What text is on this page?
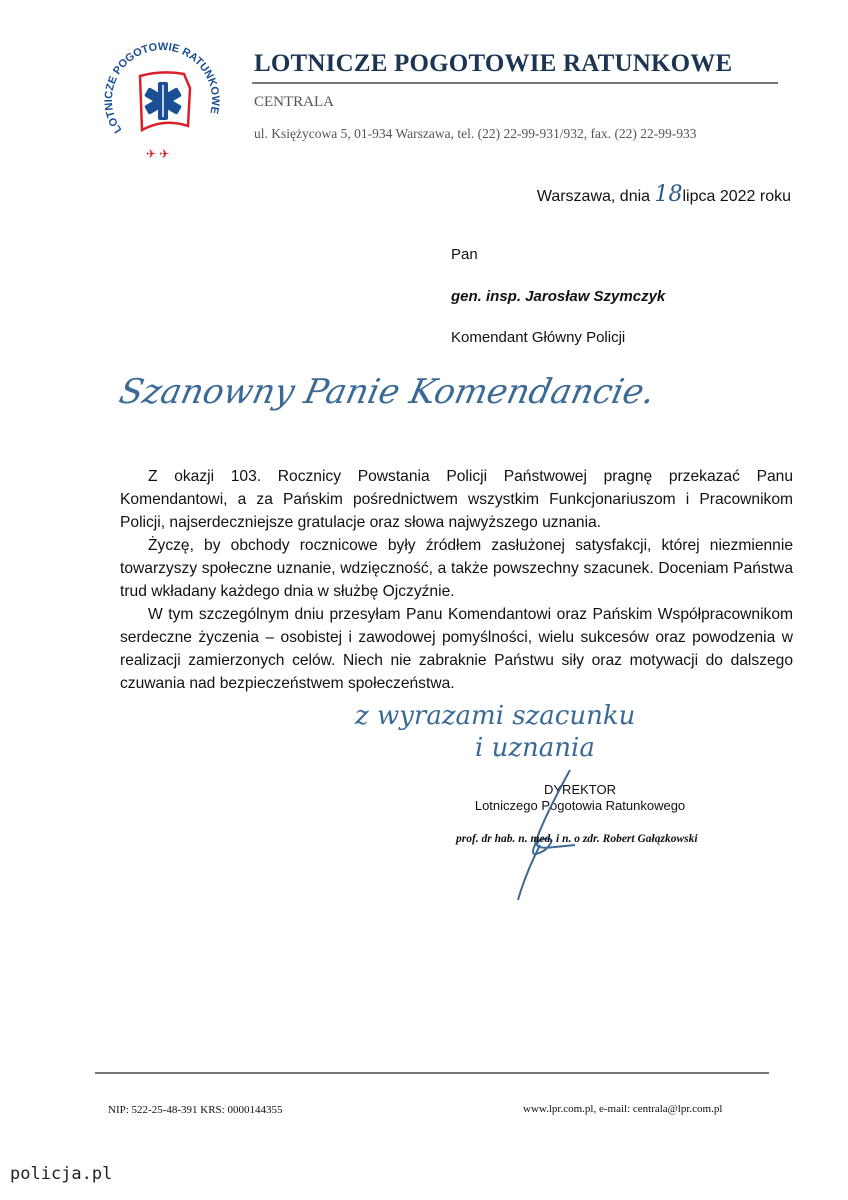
✈ ✈
LOTNICZE POGOTOWIE RATUNKOWE
LOTNICZE POGOTOWIE RATUNKOWE
CENTRALA
ul. Księżycowa 5, 01-934 Warszawa, tel. (22) 22-99-931/932, fax. (22) 22-99-933
Warszawa, dnia 18lipca 2022 roku
Pan
gen. insp. Jarosław Szymczyk
Komendant Główny Policji
Szanowny Panie Komendancie.

Z okazji 103. Rocznicy Powstania Policji Państwowej pragnę przekazać Panu Komendantowi, a za Pańskim pośrednictwem wszystkim Funkcjonariuszom i Pracownikom Policji, najserdeczniejsze gratulacje oraz słowa najwyższego uznania.

Życzę, by obchody rocznicowe były źródłem zasłużonej satysfakcji, której niezmiennie towarzyszy społeczne uznanie, wdzięczność, a także powszechny szacunek. Doceniam Państwa trud wkładany każdego dnia w służbę Ojczyźnie.

W tym szczególnym dniu przesyłam Panu Komendantowi oraz Pańskim Współpracownikom serdeczne życzenia – osobistej i zawodowej pomyślności, wielu sukcesów oraz powodzenia w realizacji zamierzonych celów. Niech nie zabraknie Państwu siły oraz motywacji do dalszego czuwania nad bezpieczeństwem społeczeństwa.

z wyrazami szacunku
i uznania
DYREKTOR
Lotniczego Pogotowia Ratunkowego
prof. dr hab. n. med. i n. o zdr. Robert Gałązkowski
NIP: 522-25-48-391 KRS: 0000144355	www.lpr.com.pl, e-mail: centrala@lpr.com.pl
policja.pl
